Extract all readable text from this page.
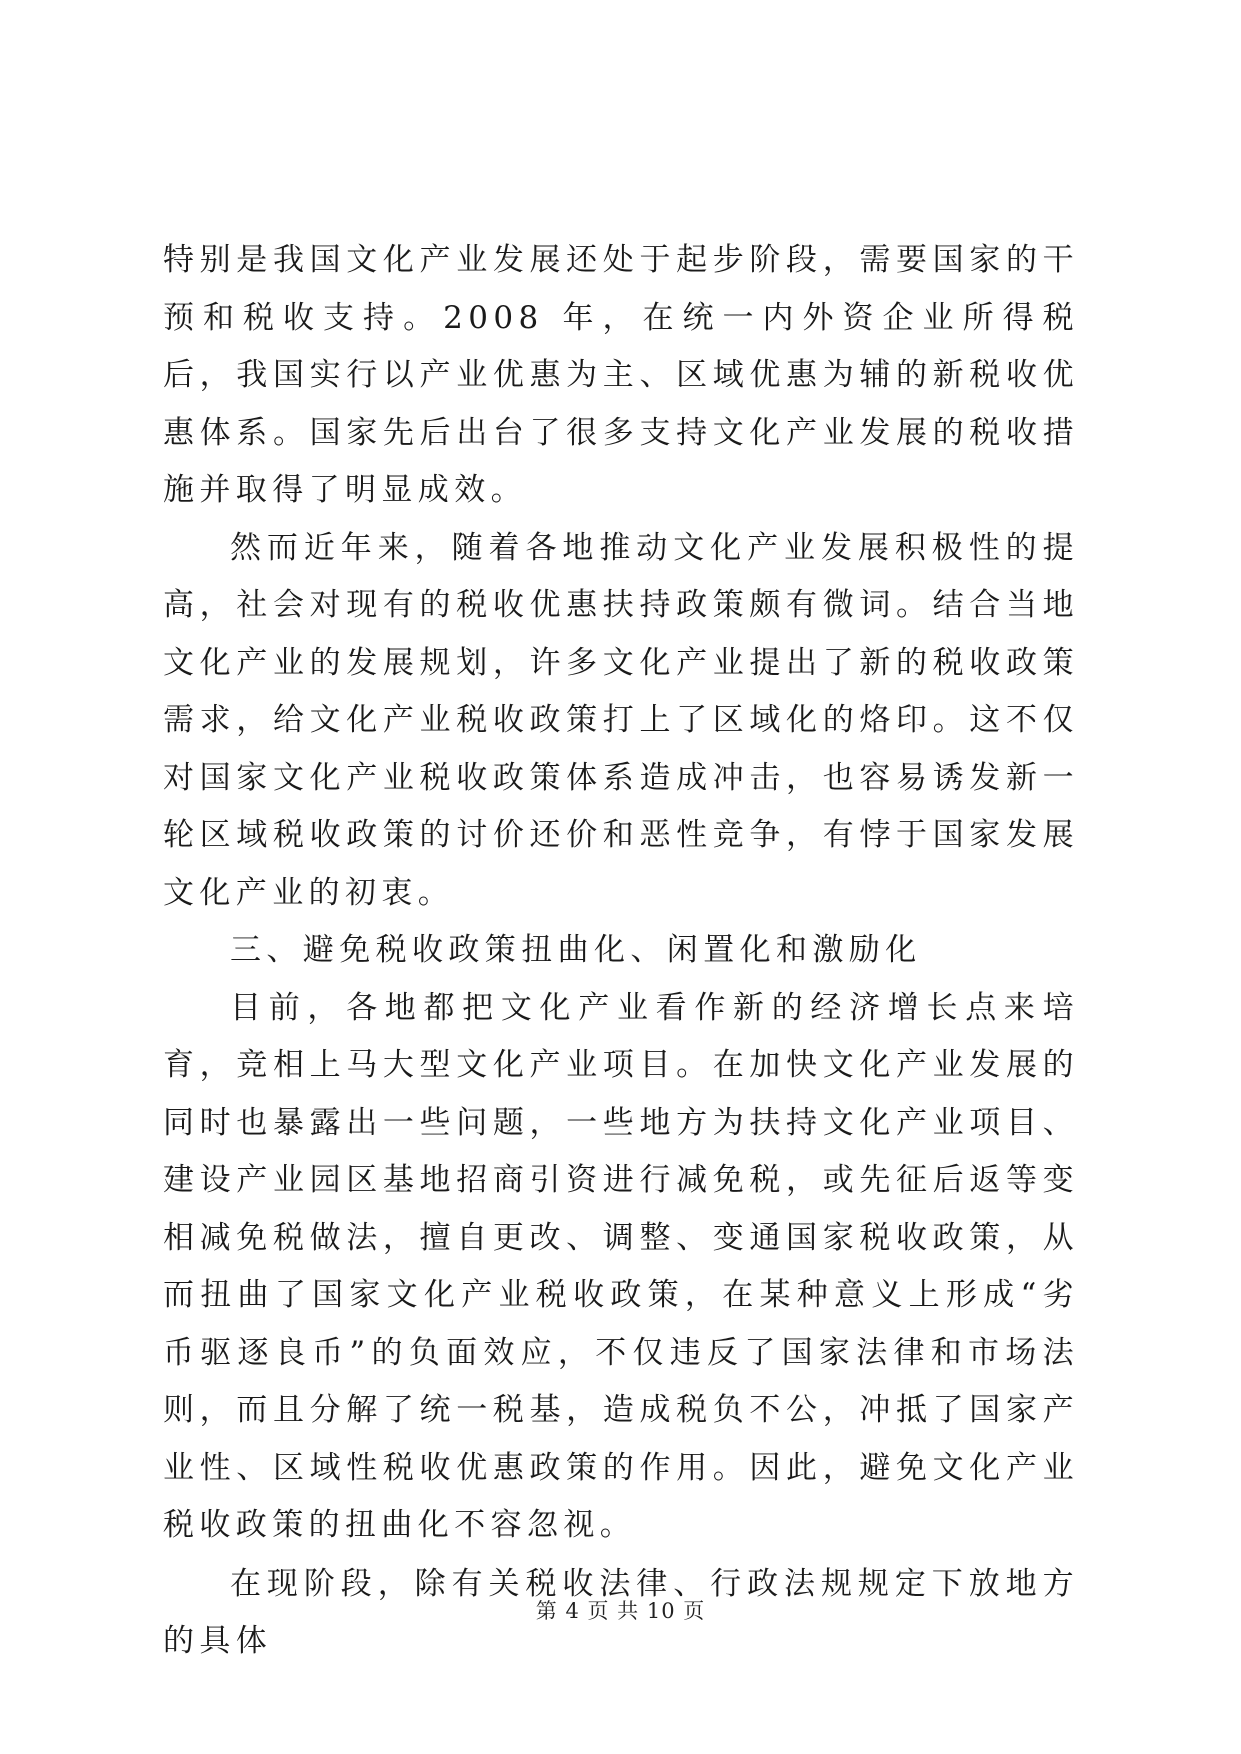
特别是我国文化产业发展还处于起步阶段，需要国家的干预和税收支持。2008 年，在统一内外资企业所得税后，我国实行以产业优惠为主、区域优惠为辅的新税收优惠体系。国家先后出台了很多支持文化产业发展的税收措施并取得了明显成效。

然而近年来，随着各地推动文化产业发展积极性的提高，社会对现有的税收优惠扶持政策颇有微词。结合当地文化产业的发展规划，许多文化产业提出了新的税收政策需求，给文化产业税收政策打上了区域化的烙印。这不仅对国家文化产业税收政策体系造成冲击，也容易诱发新一轮区域税收政策的讨价还价和恶性竞争，有悖于国家发展文化产业的初衷。

三、避免税收政策扭曲化、闲置化和激励化

目前，各地都把文化产业看作新的经济增长点来培育，竞相上马大型文化产业项目。在加快文化产业发展的同时也暴露出一些问题，一些地方为扶持文化产业项目、建设产业园区基地招商引资进行减免税，或先征后返等变相减免税做法，擅自更改、调整、变通国家税收政策，从而扭曲了国家文化产业税收政策，在某种意义上形成“劣币驱逐良币”的负面效应，不仅违反了国家法律和市场法则，而且分解了统一税基，造成税负不公，冲抵了国家产业性、区域性税收优惠政策的作用。因此，避免文化产业税收政策的扭曲化不容忽视。

在现阶段，除有关税收法律、行政法规规定下放地方的具体

第 4 页 共 10 页
